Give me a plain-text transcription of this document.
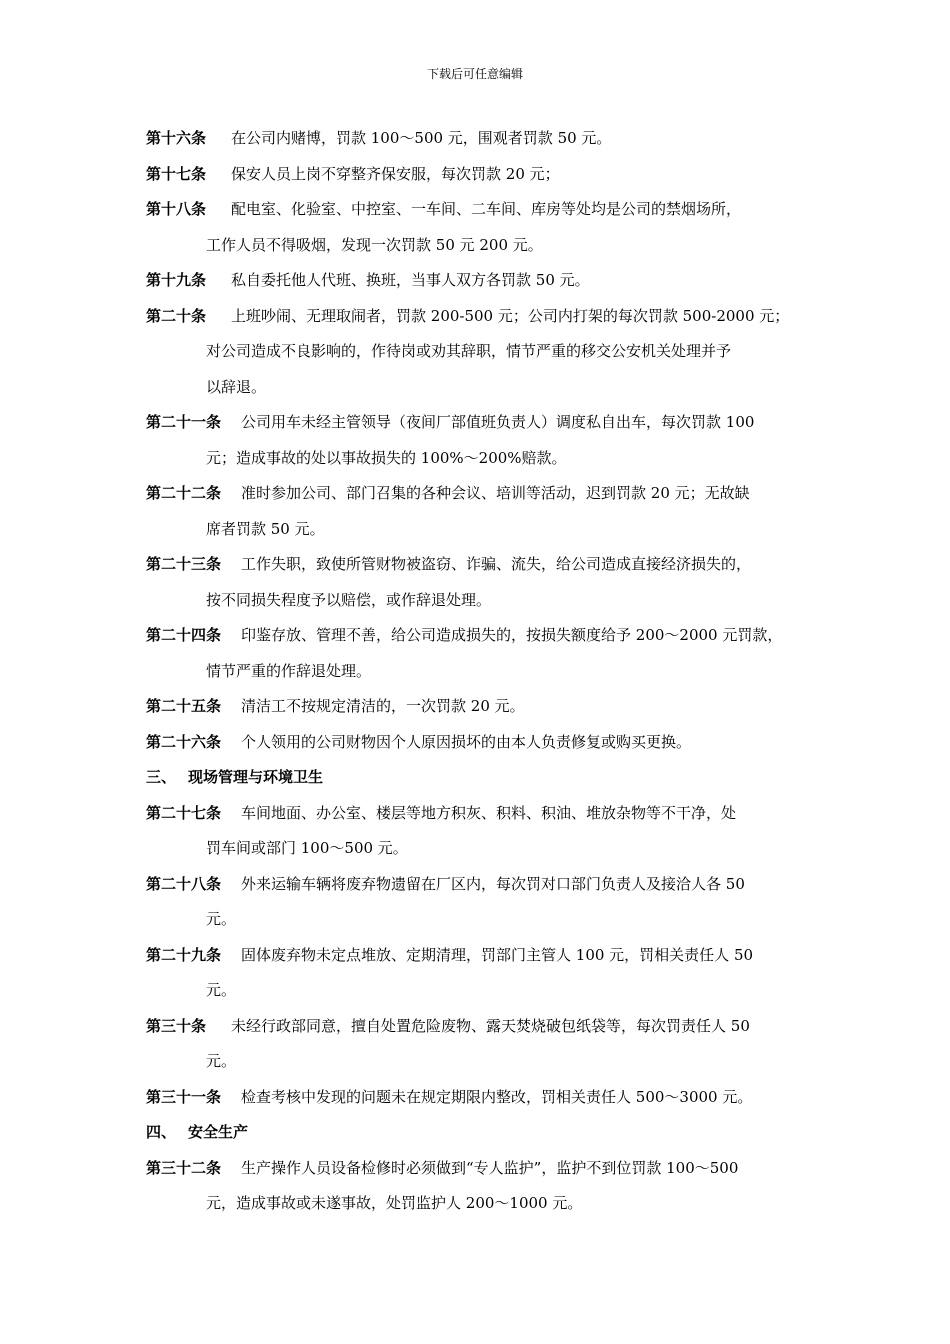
下载后可任意编辑
第十六条	在公司内赌博，罚款 100～500 元，围观者罚款 50 元。
第十七条	保安人员上岗不穿整齐保安服，每次罚款 20 元；
第十八条	配电室、化验室、中控室、一车间、二车间、库房等处均是公司的禁烟场所，
工作人员不得吸烟，发现一次罚款 50 元 200 元。
第十九条	私自委托他人代班、换班，当事人双方各罚款 50 元。
第二十条	上班吵闹、无理取闹者，罚款 200-500 元；公司内打架的每次罚款 500-2000 元；
对公司造成不良影响的，作待岗或劝其辞职，情节严重的移交公安机关处理并予
以辞退。
第二十一条	公司用车未经主管领导（夜间厂部值班负责人）调度私自出车，每次罚款 100
元；造成事故的处以事故损失的 100%～200%赔款。
第二十二条	准时参加公司、部门召集的各种会议、培训等活动，迟到罚款 20 元；无故缺
席者罚款 50 元。
第二十三条	工作失职，致使所管财物被盗窃、诈骗、流失，给公司造成直接经济损失的，
按不同损失程度予以赔偿，或作辞退处理。
第二十四条	印鉴存放、管理不善，给公司造成损失的，按损失额度给予 200～2000 元罚款，
情节严重的作辞退处理。
第二十五条	清洁工不按规定清洁的，一次罚款 20 元。
第二十六条	个人领用的公司财物因个人原因损坏的由本人负责修复或购买更换。
三、 现场管理与环境卫生
第二十七条	车间地面、办公室、楼层等地方积灰、积料、积油、堆放杂物等不干净，处
罚车间或部门 100～500 元。
第二十八条	外来运输车辆将废弃物遗留在厂区内，每次罚对口部门负责人及接洽人各 50
元。
第二十九条	固体废弃物未定点堆放、定期清理，罚部门主管人 100 元，罚相关责任人 50
元。
第三十条	未经行政部同意，擅自处置危险废物、露天焚烧破包纸袋等，每次罚责任人 50
元。
第三十一条	检查考核中发现的问题未在规定期限内整改，罚相关责任人 500～3000 元。
四、 安全生产
第三十二条	生产操作人员设备检修时必须做到“专人监护”，监护不到位罚款 100～500
元，造成事故或未遂事故，处罚监护人 200～1000 元。
